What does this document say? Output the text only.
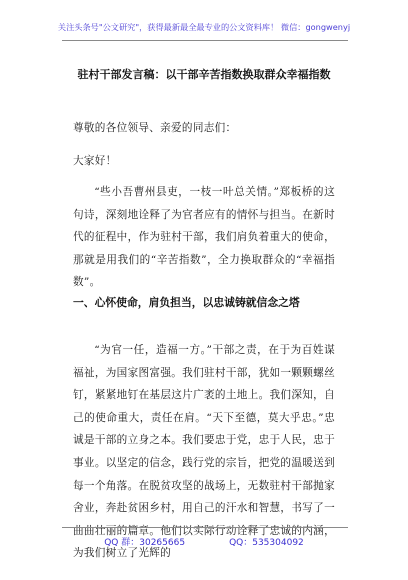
关注头条号"公文研究"，获得最新最全最专业的公文资料库！ 微信：gongwenyj
驻村干部发言稿：以干部辛苦指数换取群众幸福指数
尊敬的各位领导、亲爱的同志们：
大家好！
“些小吾曹州县吏，一枝一叶总关情。”郑板桥的这句诗，深刻地诠释了为官者应有的情怀与担当。在新时代的征程中，作为驻村干部，我们肩负着重大的使命，那就是用我们的“辛苦指数”，全力换取群众的“幸福指数”。
一、心怀使命，肩负担当，以忠诚铸就信念之塔
“为官一任，造福一方。”干部之责，在于为百姓谋福祉，为国家图富强。我们驻村干部，犹如一颗颗螺丝钉，紧紧地钉在基层这片广袤的土地上。我们深知，自己的使命重大，责任在肩。“天下至德，莫大乎忠。”忠诚是干部的立身之本。我们要忠于党，忠于人民，忠于事业。以坚定的信念，践行党的宗旨，把党的温暖送到每一个角落。在脱贫攻坚的战场上，无数驻村干部抛家舍业，奔赴贫困乡村，用自己的汗水和智慧，书写了一曲曲壮丽的篇章。他们以实际行动诠释了忠诚的内涵，为我们树立了光辉的
QQ 群：30265665	QQ：535304092
